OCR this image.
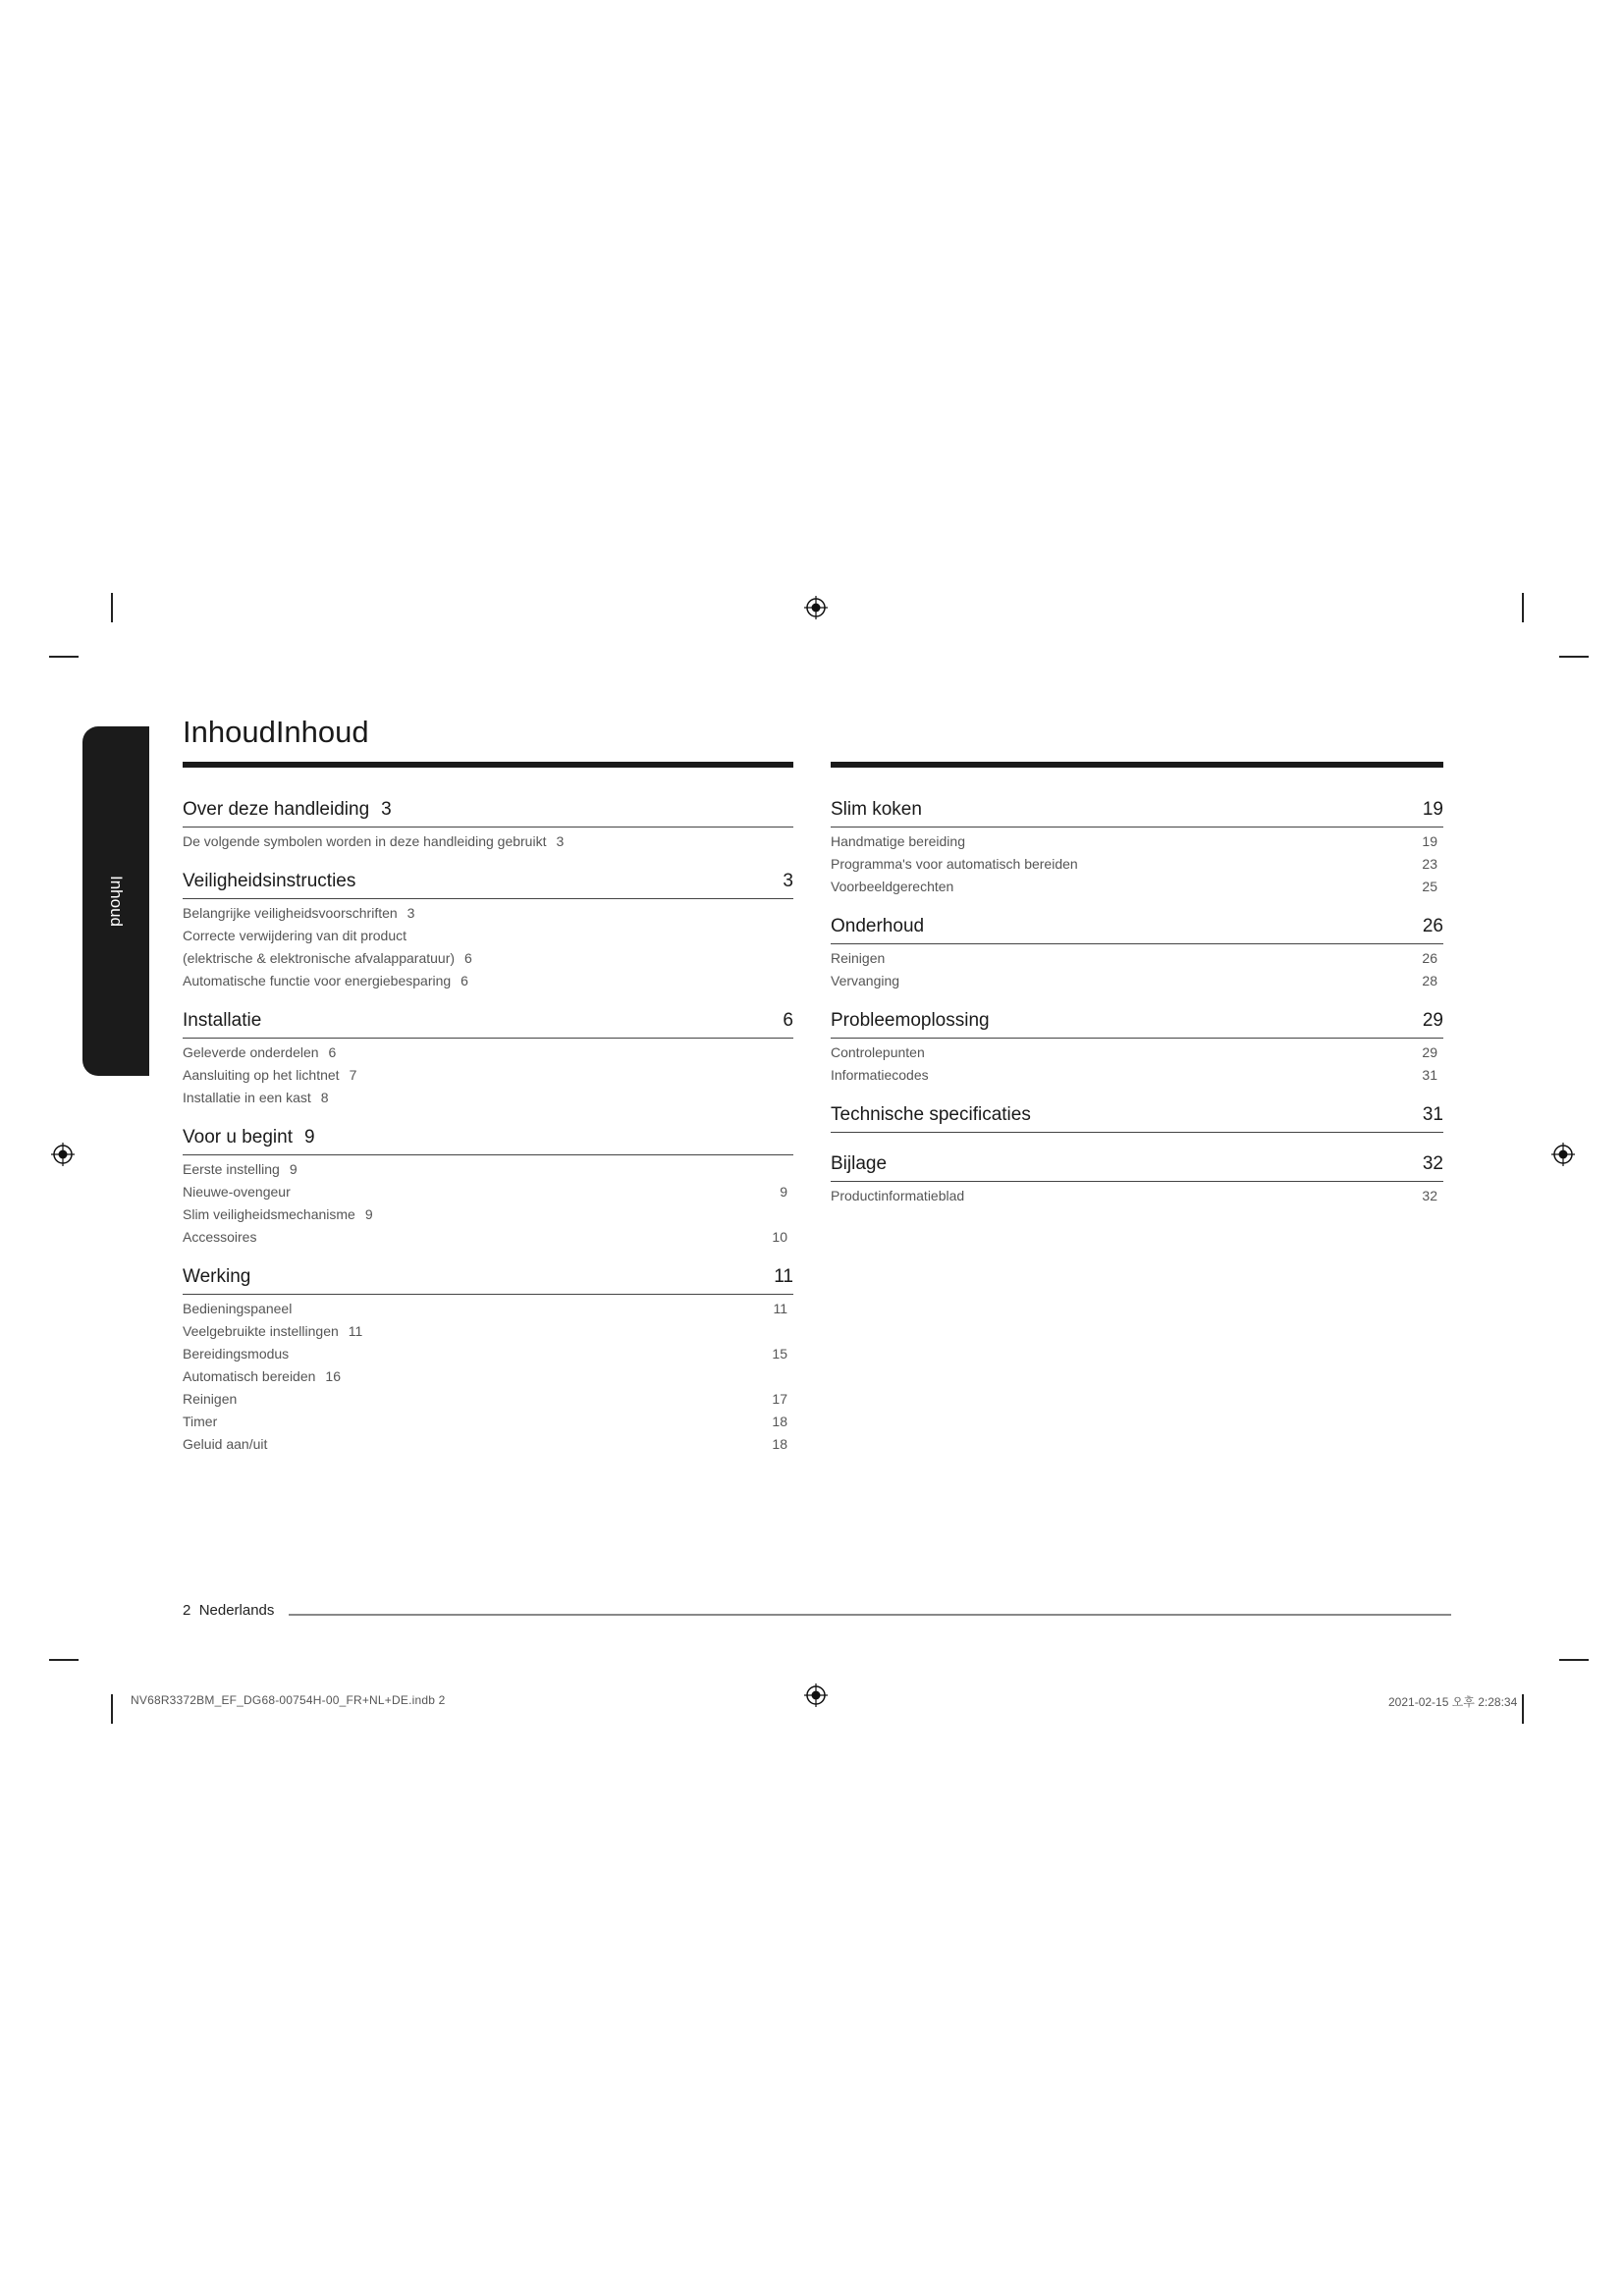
Inhoud
InhoudInhoud
Over deze handleiding 3
De volgende symbolen worden in deze handleiding gebruikt 3
Veiligheidsinstructies	3
Belangrijke veiligheidsvoorschriften 3
Correcte verwijdering van dit product
(elektrische & elektronische afvalapparatuur) 6
Automatische functie voor energiebesparing 6
Installatie	6
Geleverde onderdelen 6
Aansluiting op het lichtnet 7
Installatie in een kast 8
Voor u begint 9
Eerste instelling 9
Nieuwe-ovengeur	9
Slim veiligheidsmechanisme 9
Accessoires	10
Werking	11
Bedieningspaneel	11
Veelgebruikte instellingen 11
Bereidingsmodus	15
Automatisch bereiden 16
Reinigen	17
Timer	18
Geluid aan/uit	18
Slim koken	19
Handmatige bereiding	19
Programma's voor automatisch bereiden	23
Voorbeeldgerechten	25
Onderhoud	26
Reinigen	26
Vervanging	28
Probleemoplossing	29
Controlepunten	29
Informatiecodes	31
Technische specificaties	31
Bijlage	32
Productinformatieblad	32
2 Nederlands
NV68R3372BM_EF_DG68-00754H-00_FR+NL+DE.indb 2	2021-02-15 오후 2:28:34
